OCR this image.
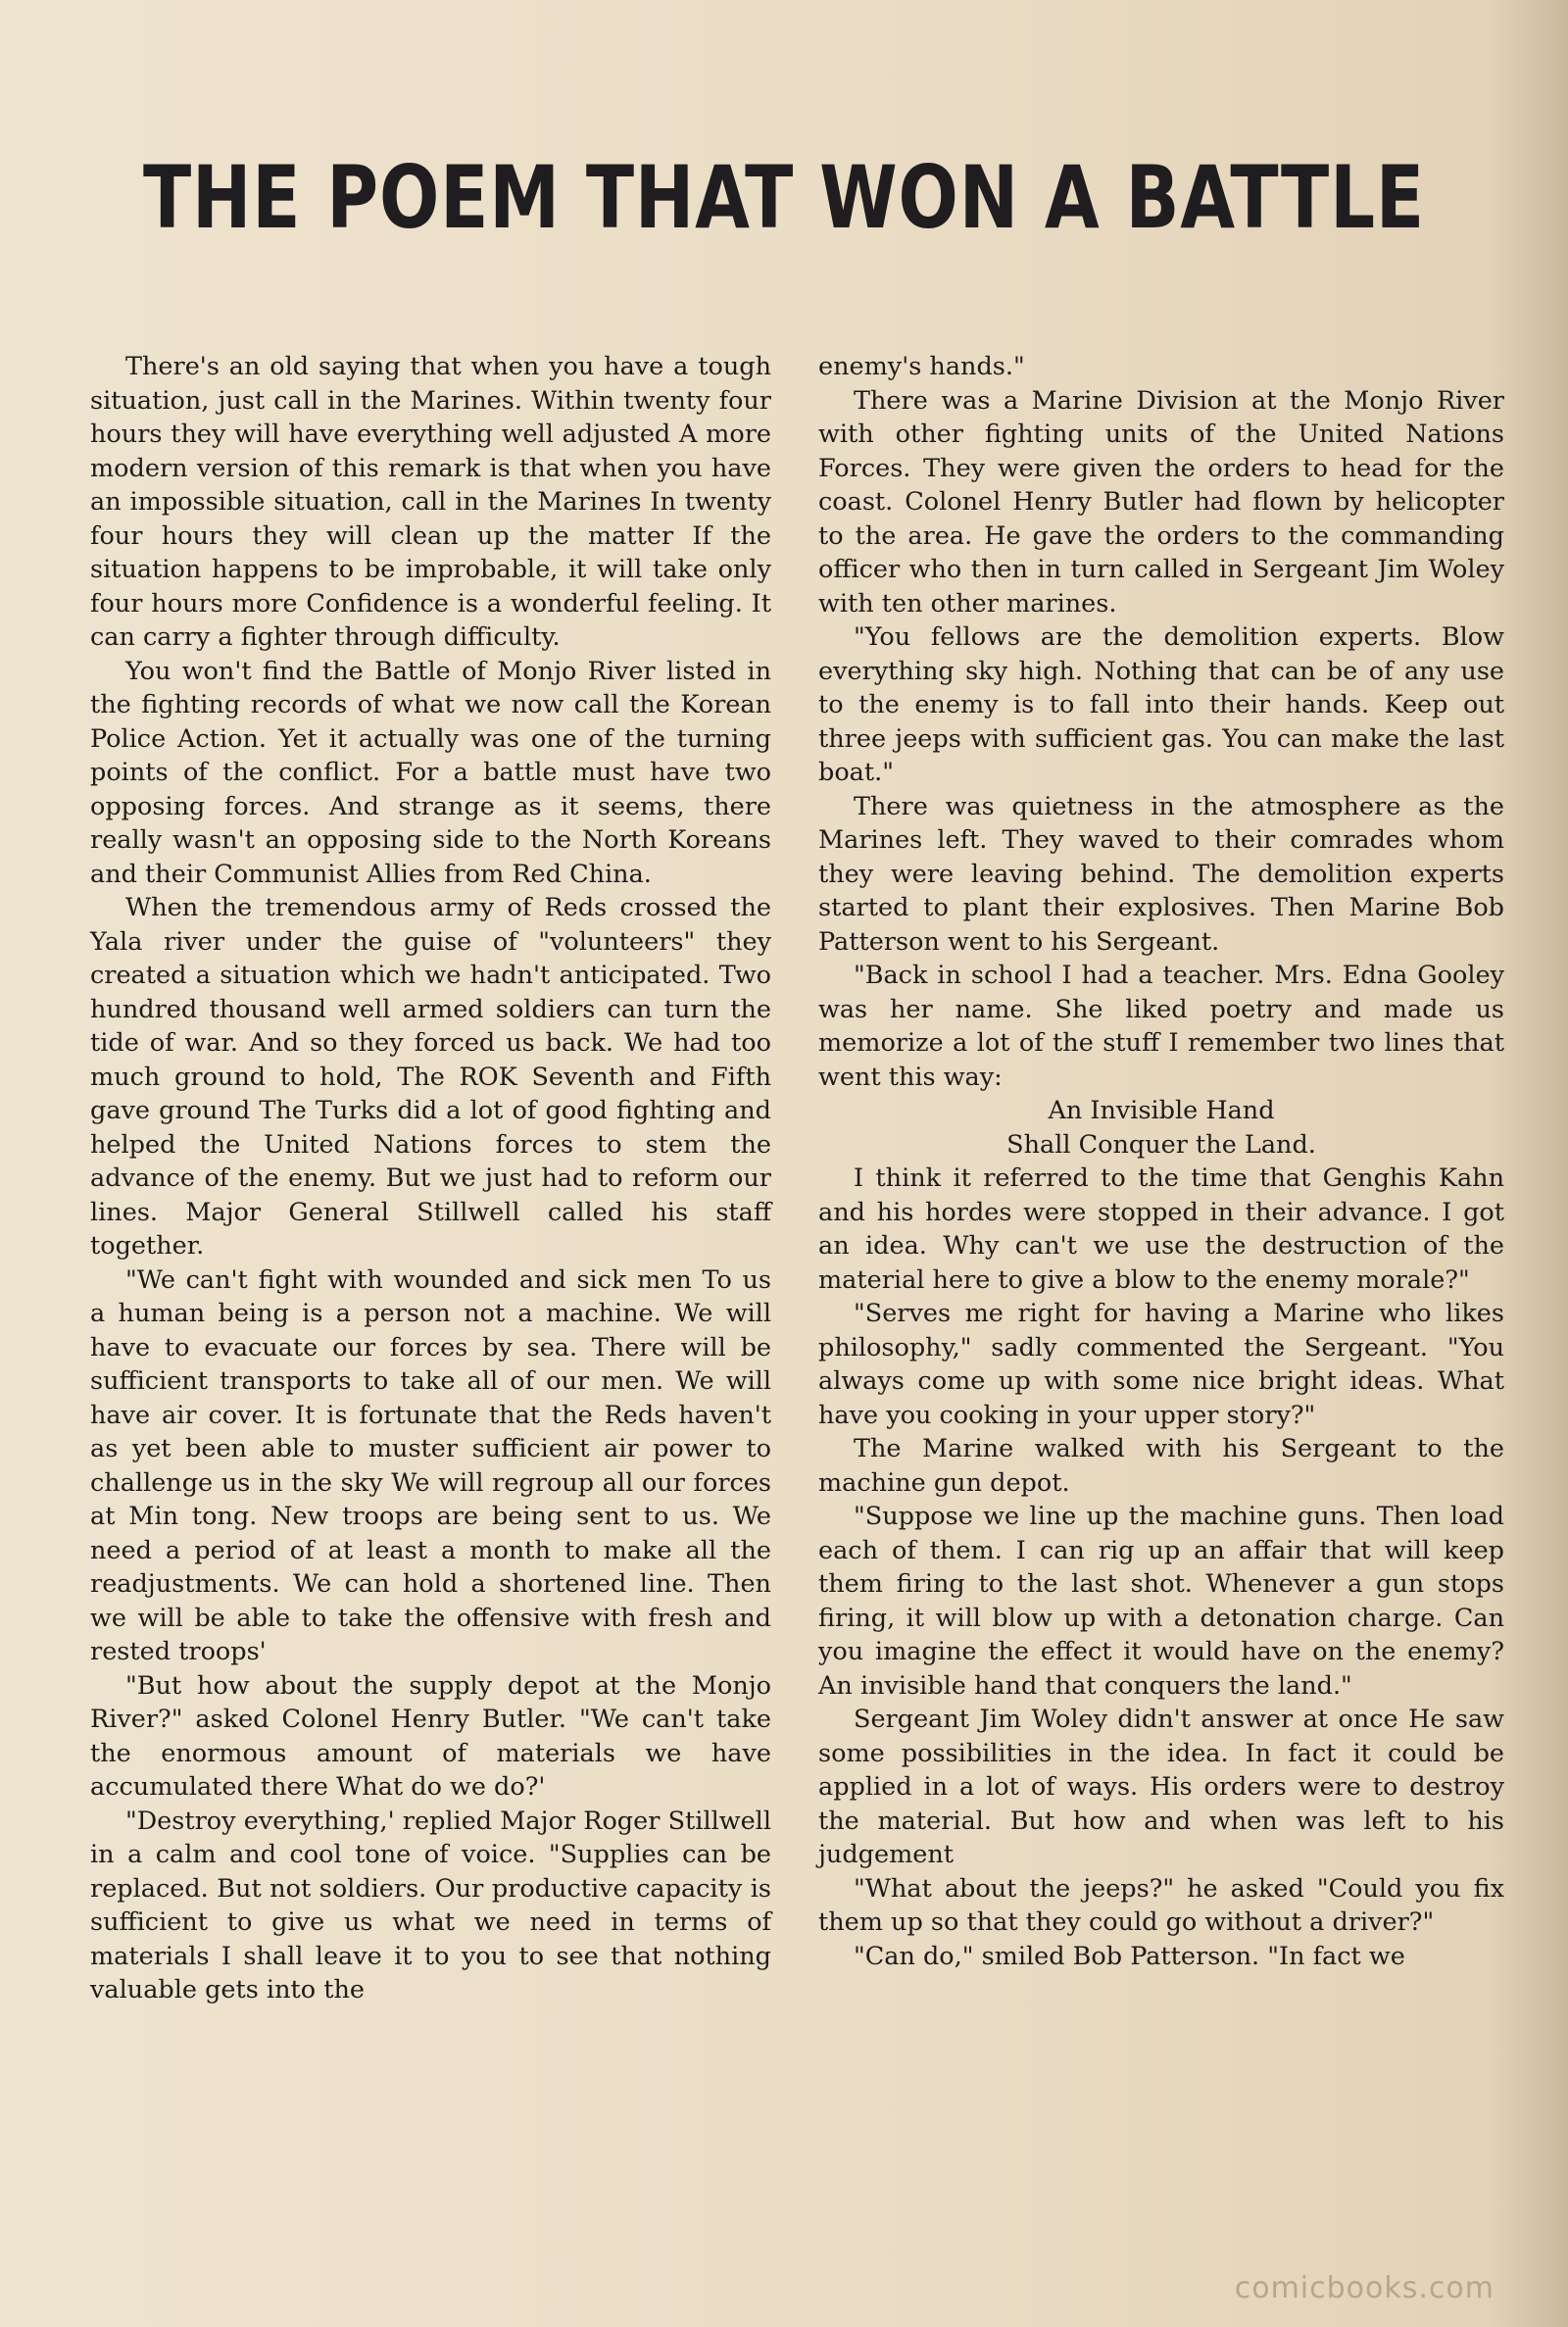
THE POEM THAT WON A BATTLE

There's an old saying that when you have a tough situation, just call in the Marines. Within twenty four hours they will have everything well adjusted A more modern version of this remark is that when you have an impossible situation, call in the Marines In twenty four hours they will clean up the matter If the situation happens to be improbable, it will take only four hours more Confidence is a wonderful feeling. It can carry a fighter through difficulty.

You won't find the Battle of Monjo River listed in the fighting records of what we now call the Korean Police Action. Yet it actually was one of the turning points of the conflict. For a battle must have two opposing forces. And strange as it seems, there really wasn't an opposing side to the North Koreans and their Communist Allies from Red China.

When the tremendous army of Reds crossed the Yala river under the guise of "volunteers" they created a situation which we hadn't anticipated. Two hundred thousand well armed soldiers can turn the tide of war. And so they forced us back. We had too much ground to hold, The ROK Seventh and Fifth gave ground The Turks did a lot of good fighting and helped the United Nations forces to stem the advance of the enemy. But we just had to reform our lines. Major General Stillwell called his staff together.

"We can't fight with wounded and sick men To us a human being is a person not a machine. We will have to evacuate our forces by sea. There will be sufficient transports to take all of our men. We will have air cover. It is fortunate that the Reds haven't as yet been able to muster sufficient air power to challenge us in the sky We will regroup all our forces at Min tong. New troops are being sent to us. We need a period of at least a month to make all the readjustments. We can hold a shortened line. Then we will be able to take the offensive with fresh and rested troops'

"But how about the supply depot at the Monjo River?" asked Colonel Henry Butler. "We can't take the enormous amount of materials we have accumulated there What do we do?'

"Destroy everything,' replied Major Roger Stillwell in a calm and cool tone of voice. "Supplies can be replaced. But not soldiers. Our productive capacity is sufficient to give us what we need in terms of materials I shall leave it to you to see that nothing valuable gets into the

enemy's hands."

There was a Marine Division at the Monjo River with other fighting units of the United Nations Forces. They were given the orders to head for the coast. Colonel Henry Butler had flown by helicopter to the area. He gave the orders to the commanding officer who then in turn called in Sergeant Jim Woley with ten other marines.

"You fellows are the demolition experts. Blow everything sky high. Nothing that can be of any use to the enemy is to fall into their hands. Keep out three jeeps with sufficient gas. You can make the last boat."

There was quietness in the atmosphere as the Marines left. They waved to their comrades whom they were leaving behind. The demolition experts started to plant their explosives. Then Marine Bob Patterson went to his Sergeant.

"Back in school I had a teacher. Mrs. Edna Gooley was her name. She liked poetry and made us memorize a lot of the stuff I remember two lines that went this way:

An Invisible Hand

Shall Conquer the Land.

I think it referred to the time that Genghis Kahn and his hordes were stopped in their advance. I got an idea. Why can't we use the destruction of the material here to give a blow to the enemy morale?"

"Serves me right for having a Marine who likes philosophy," sadly commented the Sergeant. "You always come up with some nice bright ideas. What have you cooking in your upper story?"

The Marine walked with his Sergeant to the machine gun depot.

"Suppose we line up the machine guns. Then load each of them. I can rig up an affair that will keep them firing to the last shot. Whenever a gun stops firing, it will blow up with a detonation charge. Can you imagine the effect it would have on the enemy? An invisible hand that conquers the land."

Sergeant Jim Woley didn't answer at once He saw some possibilities in the idea. In fact it could be applied in a lot of ways. His orders were to destroy the material. But how and when was left to his judgement

"What about the jeeps?" he asked "Could you fix them up so that they could go without a driver?"

"Can do," smiled Bob Patterson. "In fact we

comicbooks.com
